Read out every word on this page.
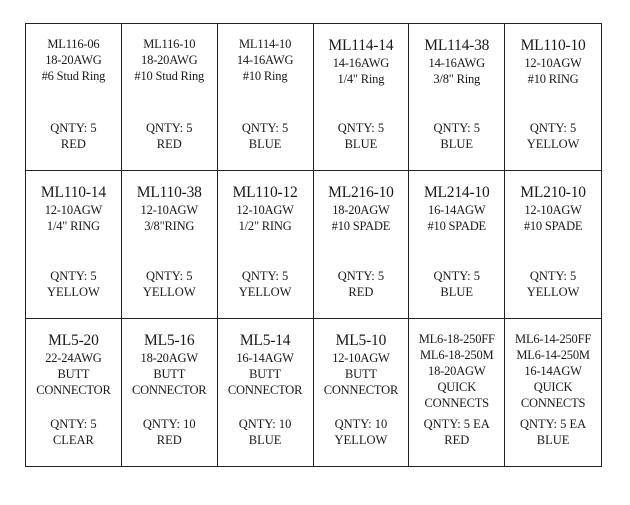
ML116-06
18-20AWG
#6 Stud Ring
QNTY: 5
RED
ML116-10
18-20AWG
#10 Stud Ring
QNTY: 5
RED
ML114-10
14-16AWG
#10 Ring
QNTY: 5
BLUE
ML114-14
14-16AWG
1/4" Ring
QNTY: 5
BLUE
ML114-38
14-16AWG
3/8" Ring
QNTY: 5
BLUE
ML110-10
12-10AGW
#10 RING
QNTY: 5
YELLOW
ML110-14
12-10AGW
1/4" RING
QNTY: 5
YELLOW
ML110-38
12-10AGW
3/8"RING
QNTY: 5
YELLOW
ML110-12
12-10AGW
1/2" RING
QNTY: 5
YELLOW
ML216-10
18-20AGW
#10 SPADE
QNTY: 5
RED
ML214-10
16-14AGW
#10 SPADE
QNTY: 5
BLUE
ML210-10
12-10AGW
#10 SPADE
QNTY: 5
YELLOW
ML5-20
22-24AWG
BUTT
CONNECTOR
QNTY: 5
CLEAR
ML5-16
18-20AGW
BUTT
CONNECTOR
QNTY: 10
RED
ML5-14
16-14AGW
BUTT
CONNECTOR
QNTY: 10
BLUE
ML5-10
12-10AGW
BUTT
CONNECTOR
QNTY: 10
YELLOW
ML6-18-250FF
ML6-18-250M
18-20AGW
QUICK
CONNECTS
QNTY: 5 EA
RED
ML6-14-250FF
ML6-14-250M
16-14AGW
QUICK
CONNECTS
QNTY: 5 EA
BLUE
